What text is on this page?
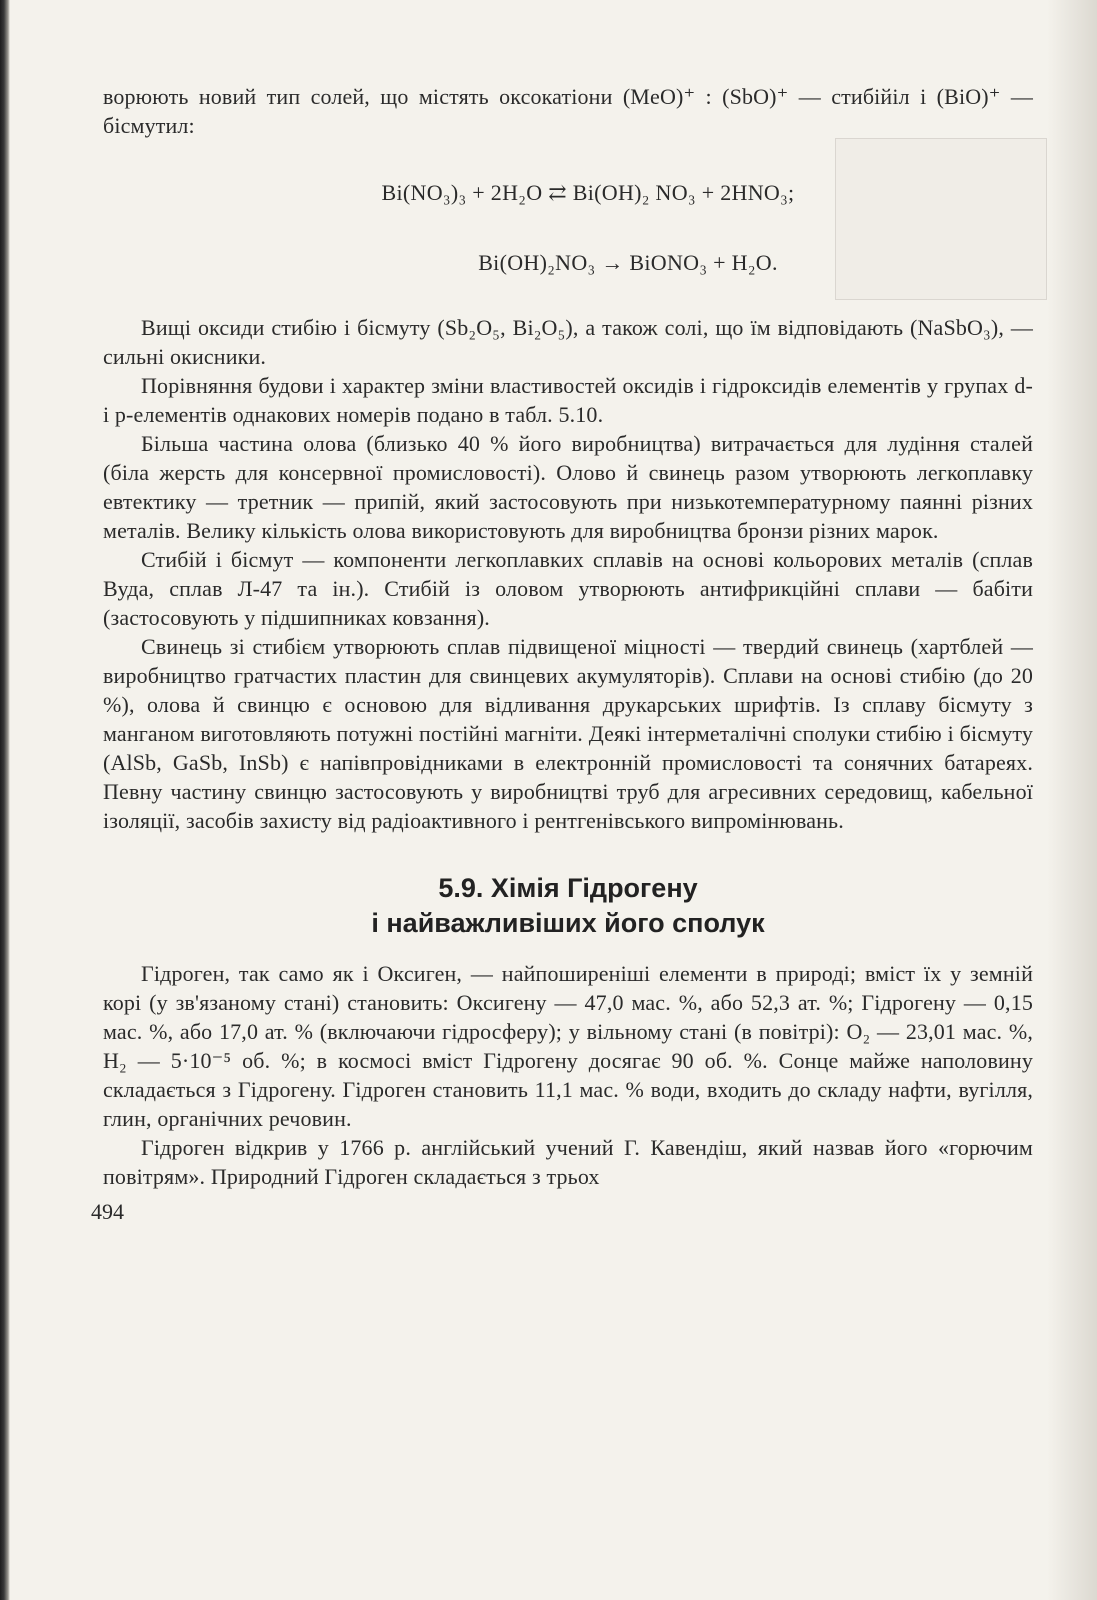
ворюють новий тип солей, що містять оксокатіони (MeO)⁺ : (SbO)⁺ — стибійіл і (BiO)⁺ — бісмутил:

Bi(NO₃)₃ + 2H₂O ⇄ Bi(OH)₂ NO₃ + 2HNO₃;
Bi(OH)₂NO₃ → BiONO₃ + H₂O.

Вищі оксиди стибію і бісмуту (Sb₂O₅, Bi₂O₅), а також солі, що їм відповідають (NaSbO₃), — сильні окисники.

Порівняння будови і характер зміни властивостей оксидів і гідроксидів елементів у групах d- і p-елементів однакових номерів подано в табл. 5.10.

Більша частина олова (близько 40 % його виробництва) витрачається для лудіння сталей (біла жерсть для консервної промисловості). Олово й свинець разом утворюють легкоплавку евтектику — третник — припій, який застосовують при низькотемпературному паянні різних металів. Велику кількість олова використовують для виробництва бронзи різних марок.

Стибій і бісмут — компоненти легкоплавких сплавів на основі кольорових металів (сплав Вуда, сплав Л-47 та ін.). Стибій із оловом утворюють антифрикційні сплави — бабіти (застосовують у підшипниках ковзання).

Свинець зі стибієм утворюють сплав підвищеної міцності — твердий свинець (хартблей — виробництво гратчастих пластин для свинцевих акумуляторів). Сплави на основі стибію (до 20 %), олова й свинцю є основою для відливання друкарських шрифтів. Із сплаву бісмуту з манганом виготовляють потужні постійні магніти. Деякі інтерметалічні сполуки стибію і бісмуту (AlSb, GaSb, InSb) є напівпровідниками в електронній промисловості та сонячних батареях. Певну частину свинцю застосовують у виробництві труб для агресивних середовищ, кабельної ізоляції, засобів захисту від радіоактивного і рентгенівського випромінювань.

5.9. Хімія Гідрогену
і найважливіших його сполук

Гідроген, так само як і Оксиген, — найпоширеніші елементи в природі; вміст їх у земній корі (у зв'язаному стані) становить: Оксигену — 47,0 мас. %, або 52,3 ат. %; Гідрогену — 0,15 мас. %, або 17,0 ат. % (включаючи гідросферу); у вільному стані (в повітрі): O₂ — 23,01 мас. %, H₂ — 5·10⁻⁵ об. %; в космосі вміст Гідрогену досягає 90 об. %. Сонце майже наполовину складається з Гідрогену. Гідроген становить 11,1 мас. % води, входить до складу нафти, вугілля, глин, органічних речовин.

Гідроген відкрив у 1766 р. англійський учений Г. Кавендіш, який назвав його «горючим повітрям». Природний Гідроген складається з трьох

494
